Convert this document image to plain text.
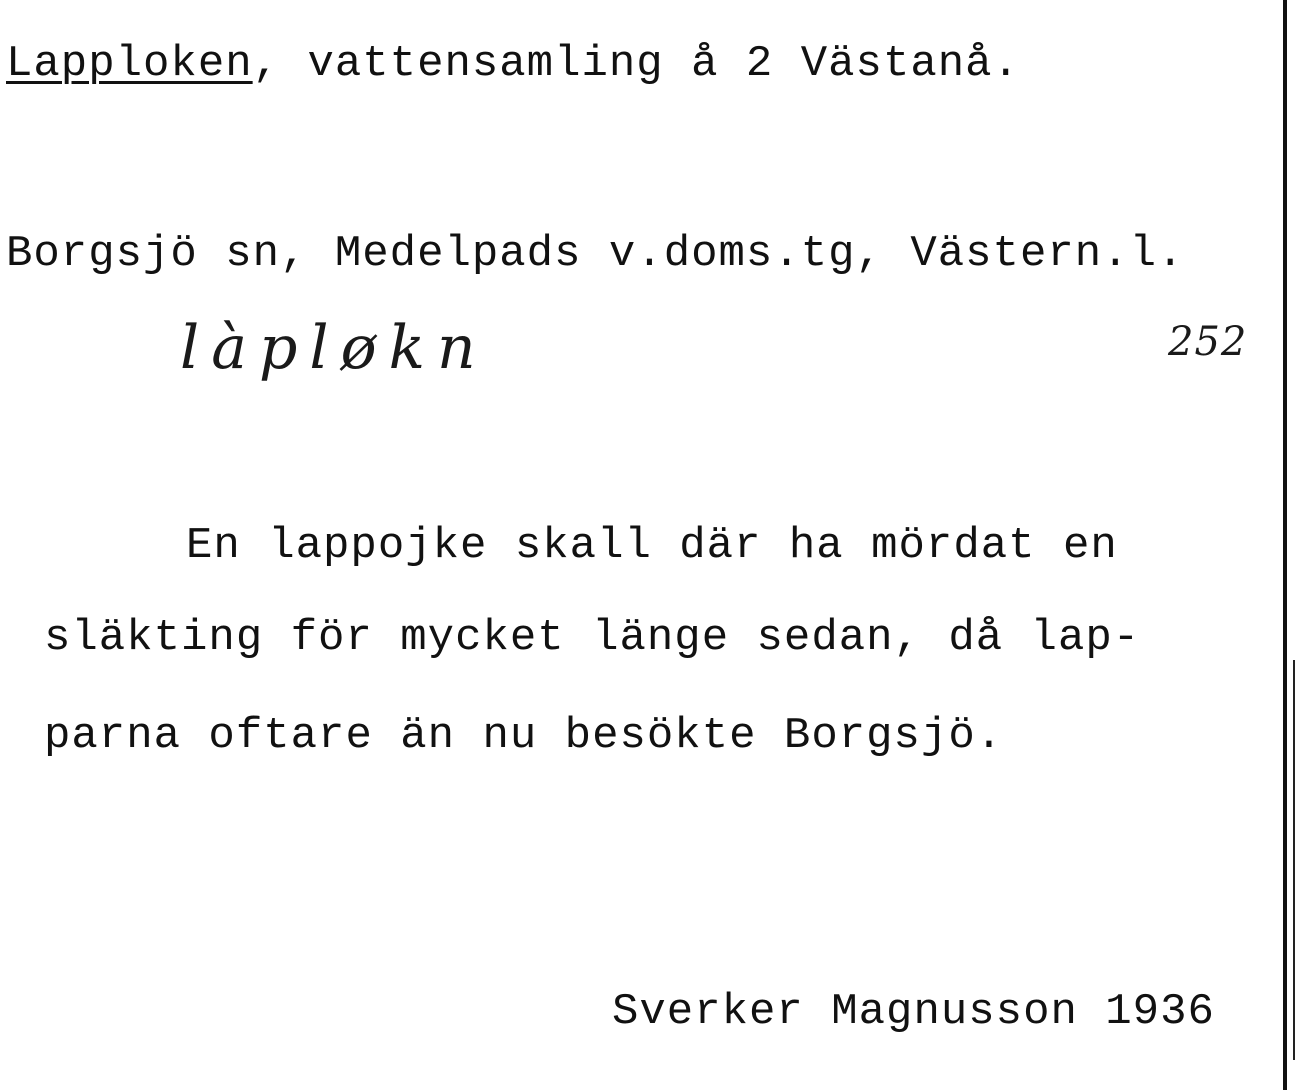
Lapploken, vattensamling å 2 Västanå.
Borgsjö sn, Medelpads v.doms.tg, Västern.l.
làpløkn	252
En lappojke skall där ha mördat en
släkting för mycket länge sedan, då lap-
parna oftare än nu besökte Borgsjö.
Sverker Magnusson 1936
